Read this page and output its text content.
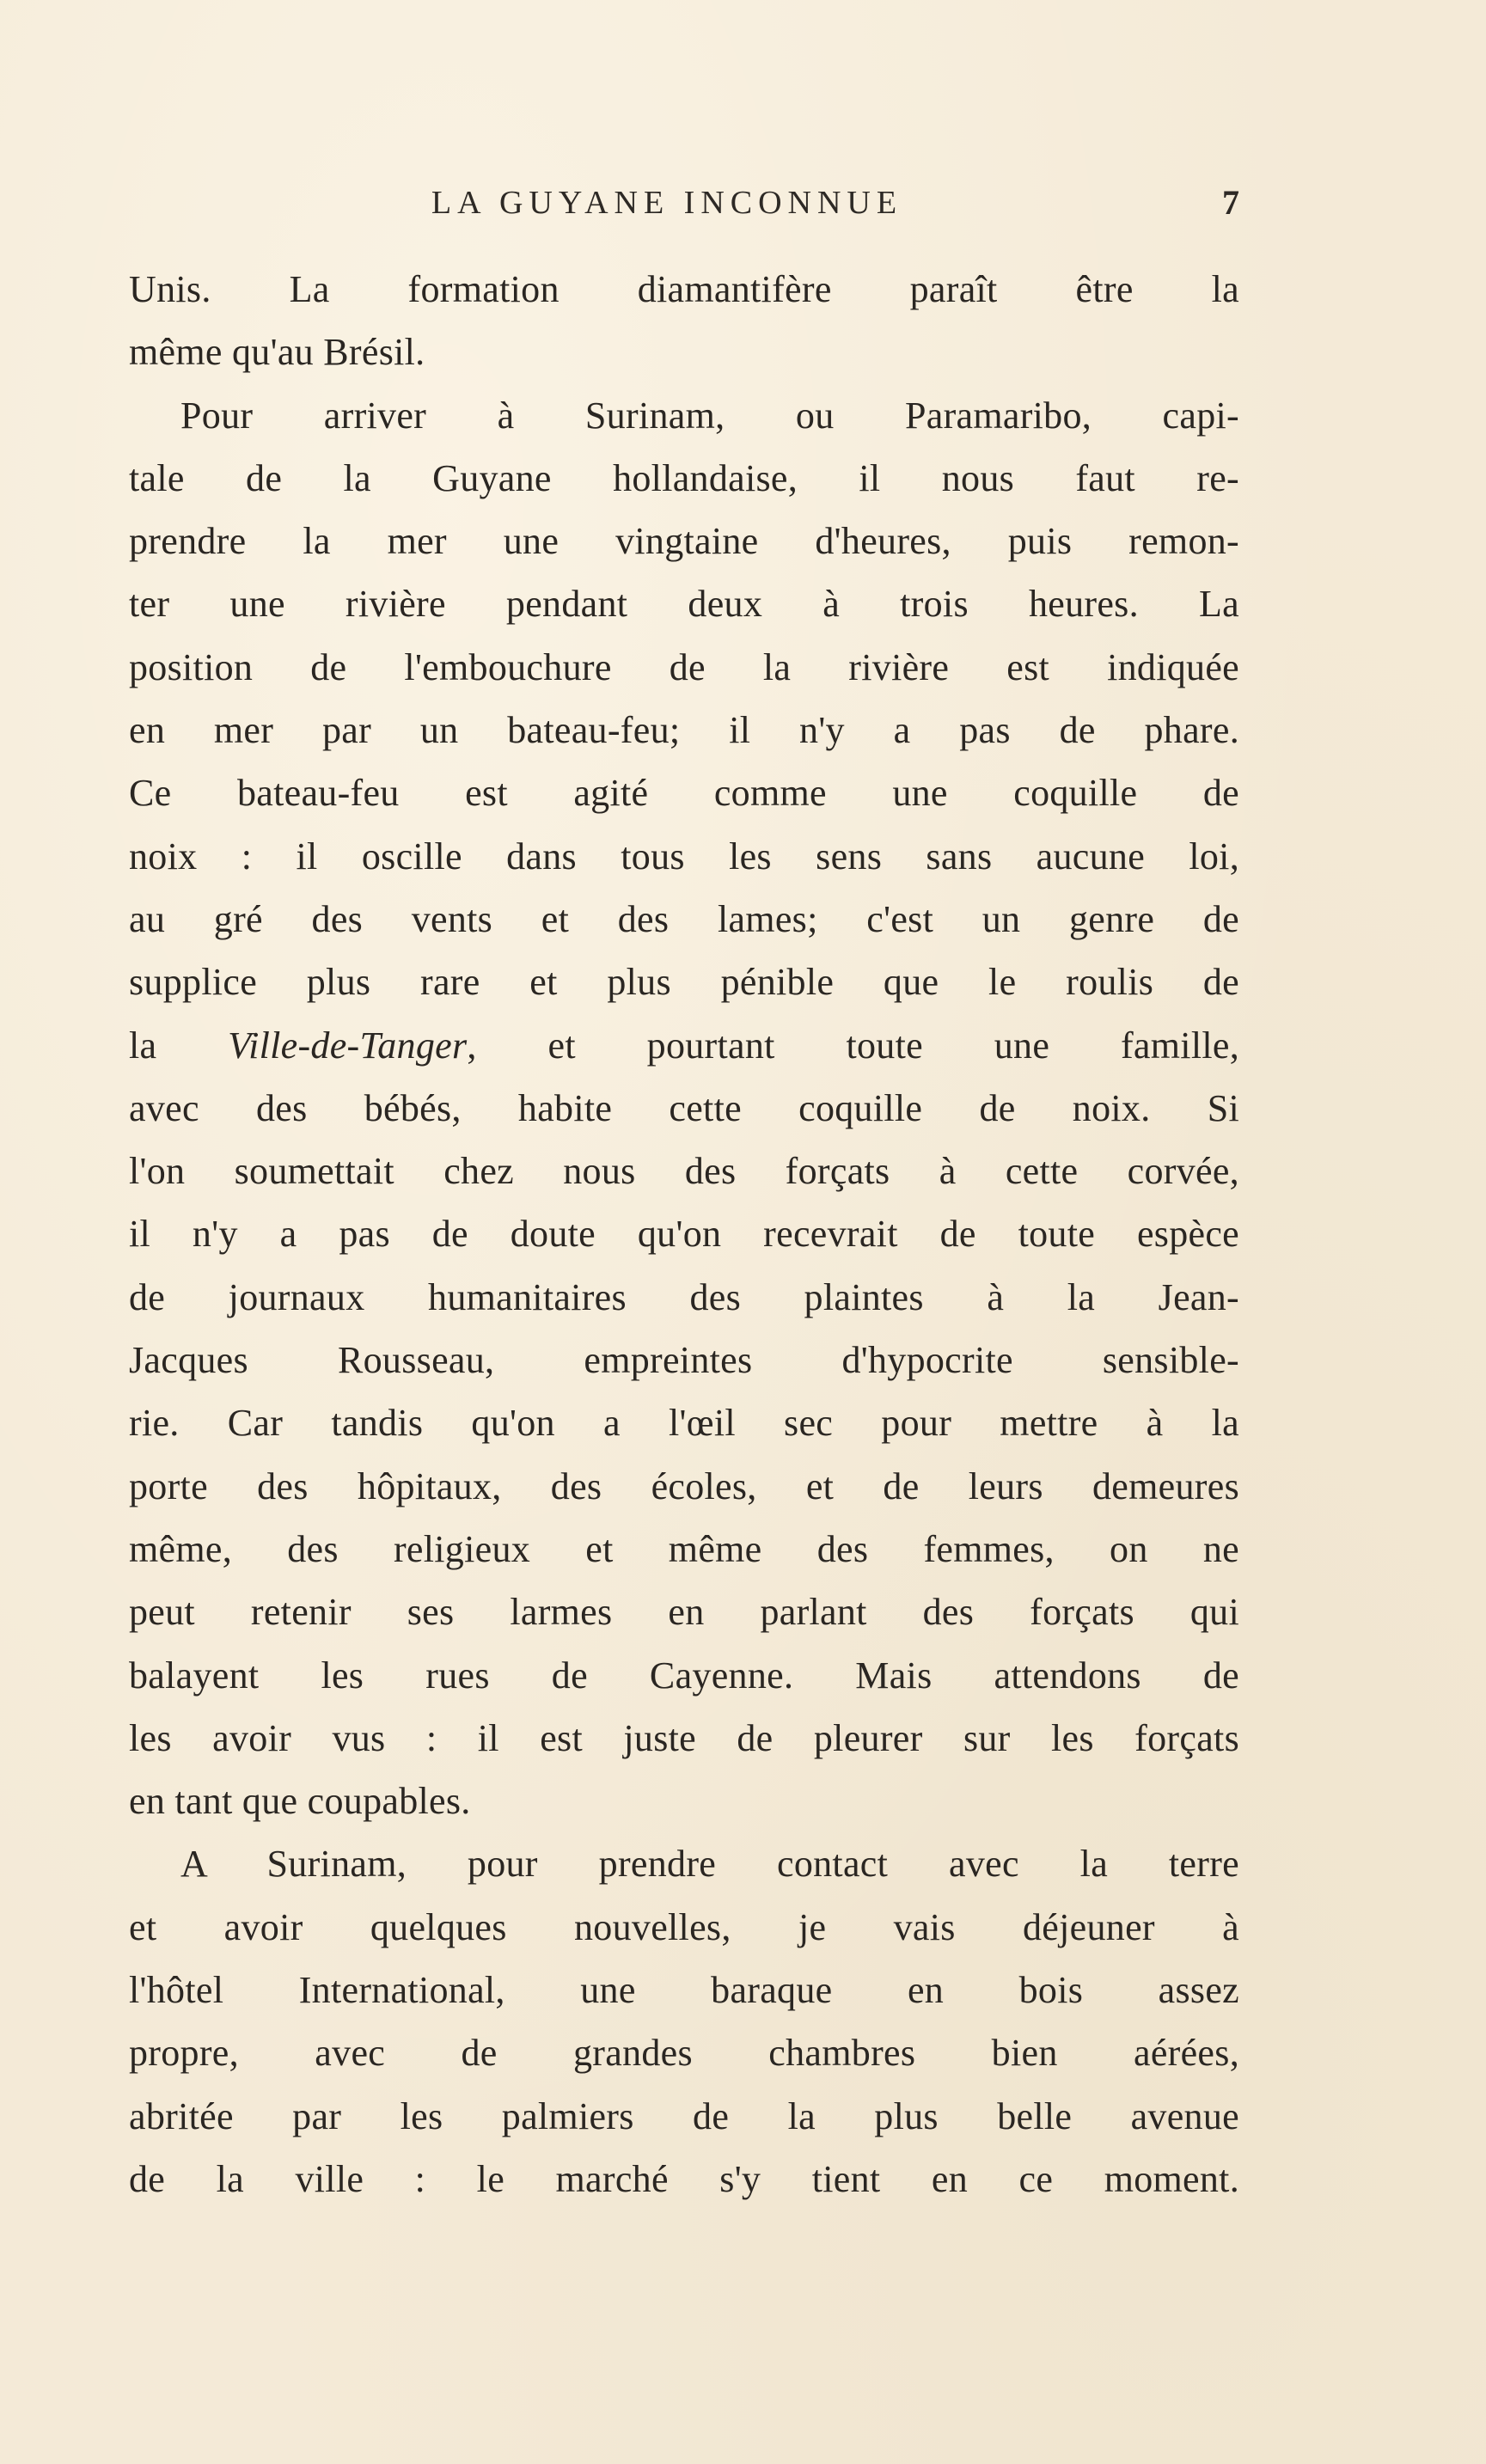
LA GUYANE INCONNUE	7
Unis. La formation diamantifère paraît être la
même qu'au Brésil.
Pour arriver à Surinam, ou Paramaribo, capi-
tale de la Guyane hollandaise, il nous faut re-
prendre la mer une vingtaine d'heures, puis remon-
ter une rivière pendant deux à trois heures. La
position de l'embouchure de la rivière est indiquée
en mer par un bateau-feu; il n'y a pas de phare.
Ce bateau-feu est agité comme une coquille de
noix : il oscille dans tous les sens sans aucune loi,
au gré des vents et des lames; c'est un genre de
supplice plus rare et plus pénible que le roulis de
la Ville-de-Tanger, et pourtant toute une famille,
avec des bébés, habite cette coquille de noix. Si
l'on soumettait chez nous des forçats à cette corvée,
il n'y a pas de doute qu'on recevrait de toute espèce
de journaux humanitaires des plaintes à la Jean-
Jacques Rousseau, empreintes d'hypocrite sensible-
rie. Car tandis qu'on a l'œil sec pour mettre à la
porte des hôpitaux, des écoles, et de leurs demeures
même, des religieux et même des femmes, on ne
peut retenir ses larmes en parlant des forçats qui
balayent les rues de Cayenne. Mais attendons de
les avoir vus : il est juste de pleurer sur les forçats
en tant que coupables.
A Surinam, pour prendre contact avec la terre
et avoir quelques nouvelles, je vais déjeuner à
l'hôtel International, une baraque en bois assez
propre, avec de grandes chambres bien aérées,
abritée par les palmiers de la plus belle avenue
de la ville : le marché s'y tient en ce moment.
